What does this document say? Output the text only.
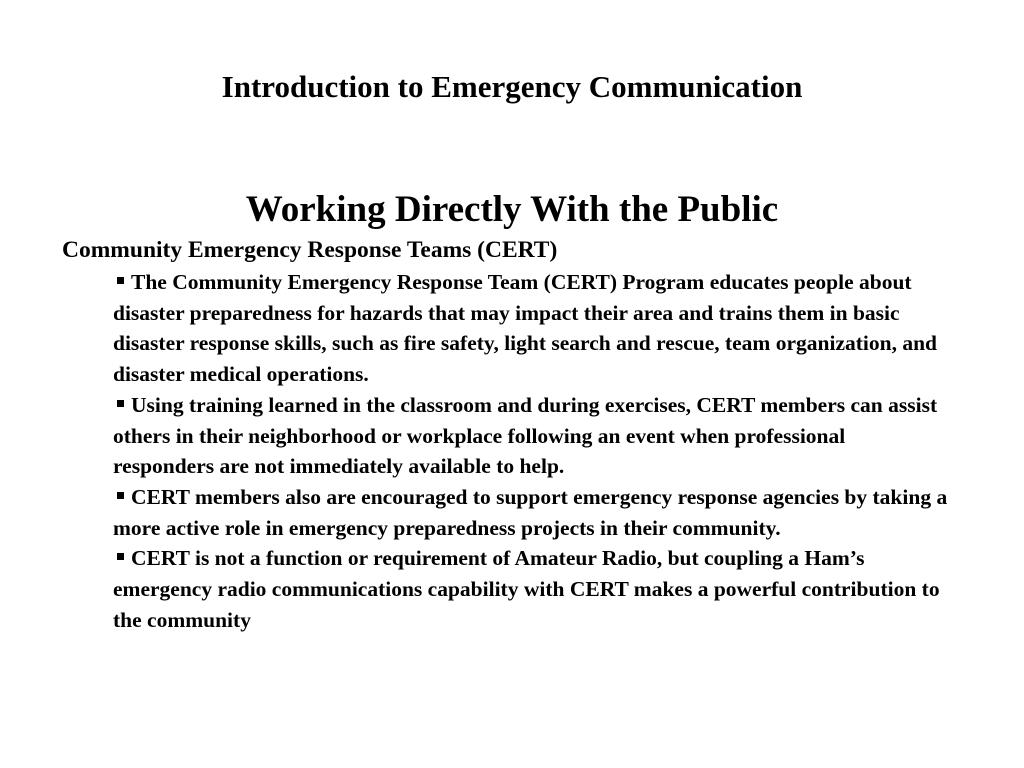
Introduction to Emergency Communication
Working Directly With the Public
Community Emergency Response Teams (CERT)
The Community Emergency Response Team (CERT) Program educates people about disaster preparedness for hazards that may impact their area and trains them in basic disaster response skills, such as fire safety, light search and rescue, team organization, and disaster medical operations.
Using training learned in the classroom and during exercises, CERT members can assist others in their neighborhood or workplace following an event when professional responders are not immediately available to help.
CERT members also are encouraged to support emergency response agencies by taking a more active role in emergency preparedness projects in their community.
CERT is not a function or requirement of Amateur Radio, but coupling a Ham’s emergency radio communications capability with CERT makes a powerful contribution to the community
